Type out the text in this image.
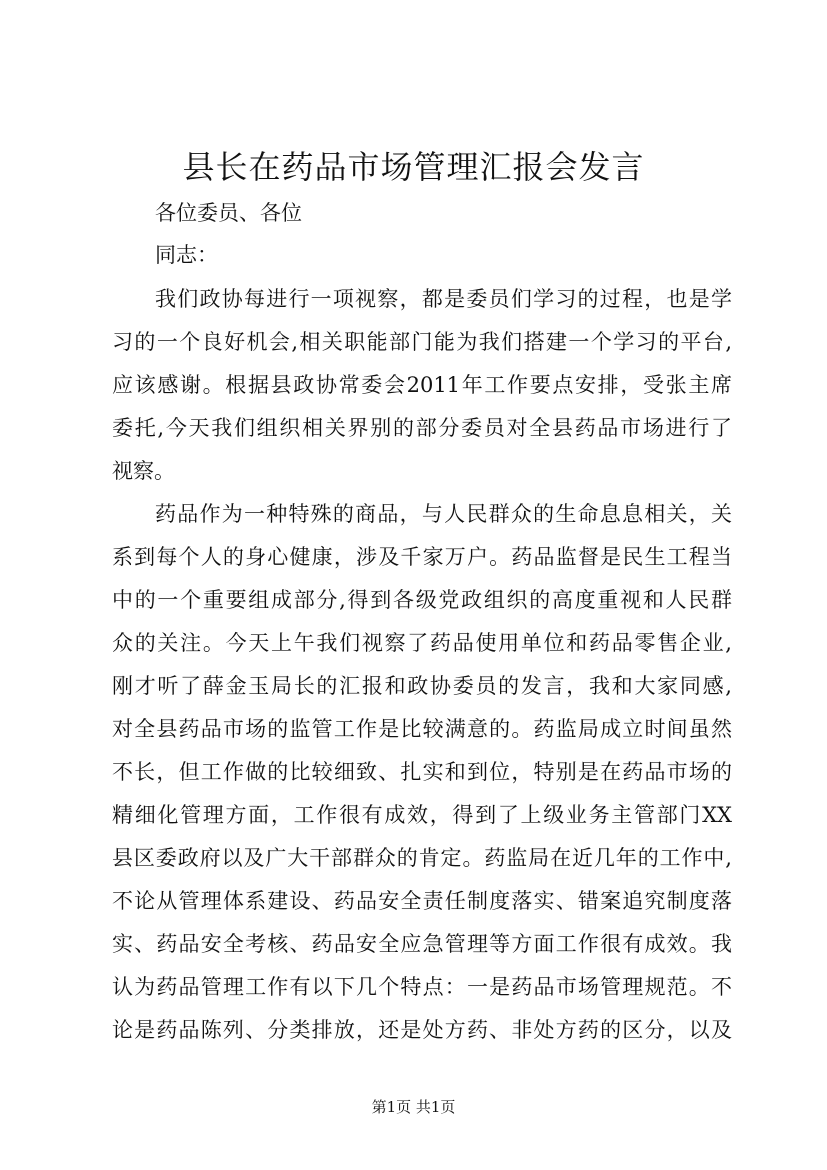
县长在药品市场管理汇报会发言
各位委员、各位
同志：
我们政协每进行一项视察，都是委员们学习的过程，也是学
习的一个良好机会,相关职能部门能为我们搭建一个学习的平台,
应该感谢。根据县政协常委会2011年工作要点安排，受张主席
委托,今天我们组织相关界别的部分委员对全县药品市场进行了
视察。
药品作为一种特殊的商品，与人民群众的生命息息相关，关
系到每个人的身心健康，涉及千家万户。药品监督是民生工程当
中的一个重要组成部分,得到各级党政组织的高度重视和人民群
众的关注。今天上午我们视察了药品使用单位和药品零售企业,
刚才听了薛金玉局长的汇报和政协委员的发言，我和大家同感,
对全县药品市场的监管工作是比较满意的。药监局成立时间虽然
不长，但工作做的比较细致、扎实和到位，特别是在药品市场的
精细化管理方面，工作很有成效，得到了上级业务主管部门XX
县区委政府以及广大干部群众的肯定。药监局在近几年的工作中,
不论从管理体系建设、药品安全责任制度落实、错案追究制度落
实、药品安全考核、药品安全应急管理等方面工作很有成效。我
认为药品管理工作有以下几个特点：一是药品市场管理规范。不
论是药品陈列、分类排放，还是处方药、非处方药的区分，以及
第1页 共1页
